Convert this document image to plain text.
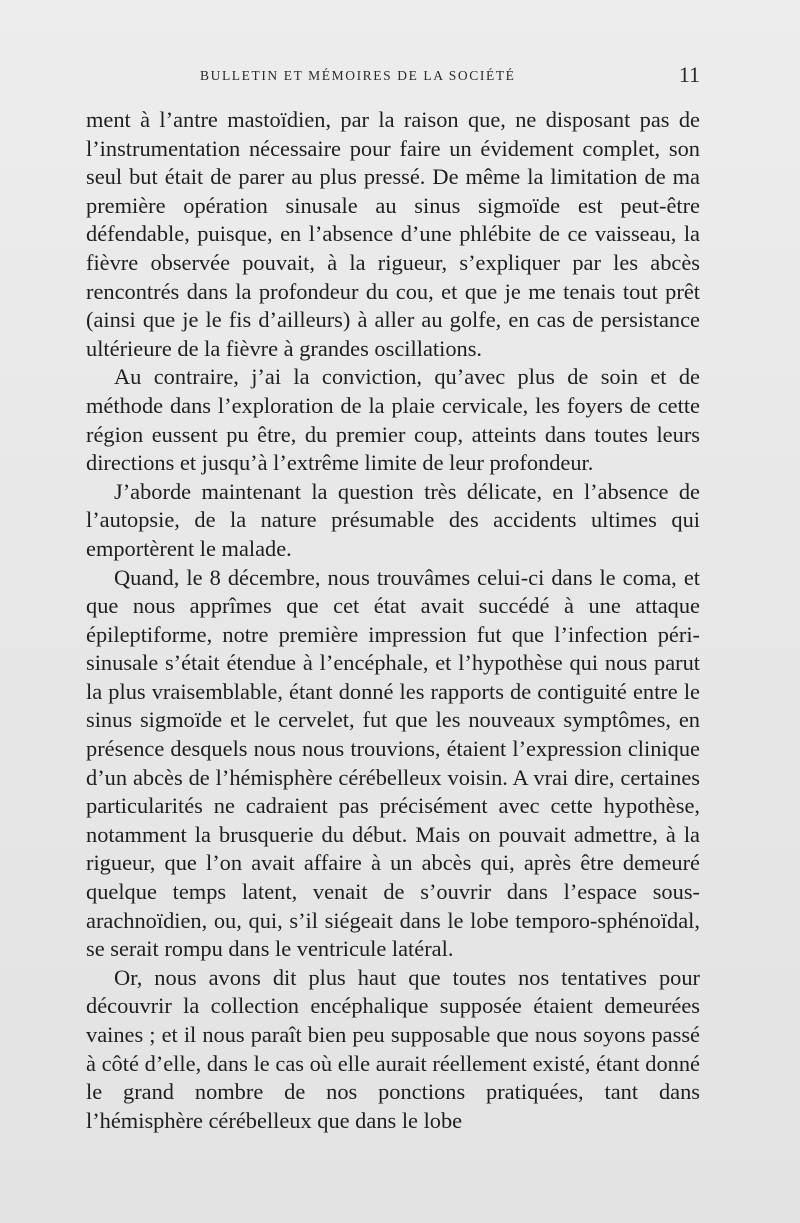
BULLETIN ET MÉMOIRES DE LA SOCIÉTÉ	11

ment à l’antre mastoïdien, par la raison que, ne disposant pas de l’instrumentation nécessaire pour faire un évidement complet, son seul but était de parer au plus pressé. De même la limitation de ma première opération sinusale au sinus sigmoïde est peut-être défendable, puisque, en l’absence d’une phlébite de ce vaisseau, la fièvre observée pouvait, à la rigueur, s’expliquer par les abcès rencontrés dans la profondeur du cou, et que je me tenais tout prêt (ainsi que je le fis d’ailleurs) à aller au golfe, en cas de persistance ultérieure de la fièvre à grandes oscillations.

Au contraire, j’ai la conviction, qu’avec plus de soin et de méthode dans l’exploration de la plaie cervicale, les foyers de cette région eussent pu être, du premier coup, atteints dans toutes leurs directions et jusqu’à l’extrême limite de leur profondeur.

J’aborde maintenant la question très délicate, en l’absence de l’autopsie, de la nature présumable des accidents ultimes qui emportèrent le malade.

Quand, le 8 décembre, nous trouvâmes celui-ci dans le coma, et que nous apprîmes que cet état avait succédé à une attaque épileptiforme, notre première impression fut que l’infection péri-sinusale s’était étendue à l’encéphale, et l’hypothèse qui nous parut la plus vraisemblable, étant donné les rapports de contiguité entre le sinus sigmoïde et le cervelet, fut que les nouveaux symptômes, en présence desquels nous nous trouvions, étaient l’expression clinique d’un abcès de l’hémisphère cérébelleux voisin. A vrai dire, certaines particularités ne cadraient pas précisément avec cette hypothèse, notamment la brusquerie du début. Mais on pouvait admettre, à la rigueur, que l’on avait affaire à un abcès qui, après être demeuré quelque temps latent, venait de s’ouvrir dans l’espace sous-arachnoïdien, ou, qui, s’il siégeait dans le lobe temporo-sphénoïdal, se serait rompu dans le ventricule latéral.

Or, nous avons dit plus haut que toutes nos tentatives pour découvrir la collection encéphalique supposée étaient demeurées vaines ; et il nous paraît bien peu supposable que nous soyons passé à côté d’elle, dans le cas où elle aurait réellement existé, étant donné le grand nombre de nos ponctions pratiquées, tant dans l’hémisphère cérébelleux que dans le lobe
